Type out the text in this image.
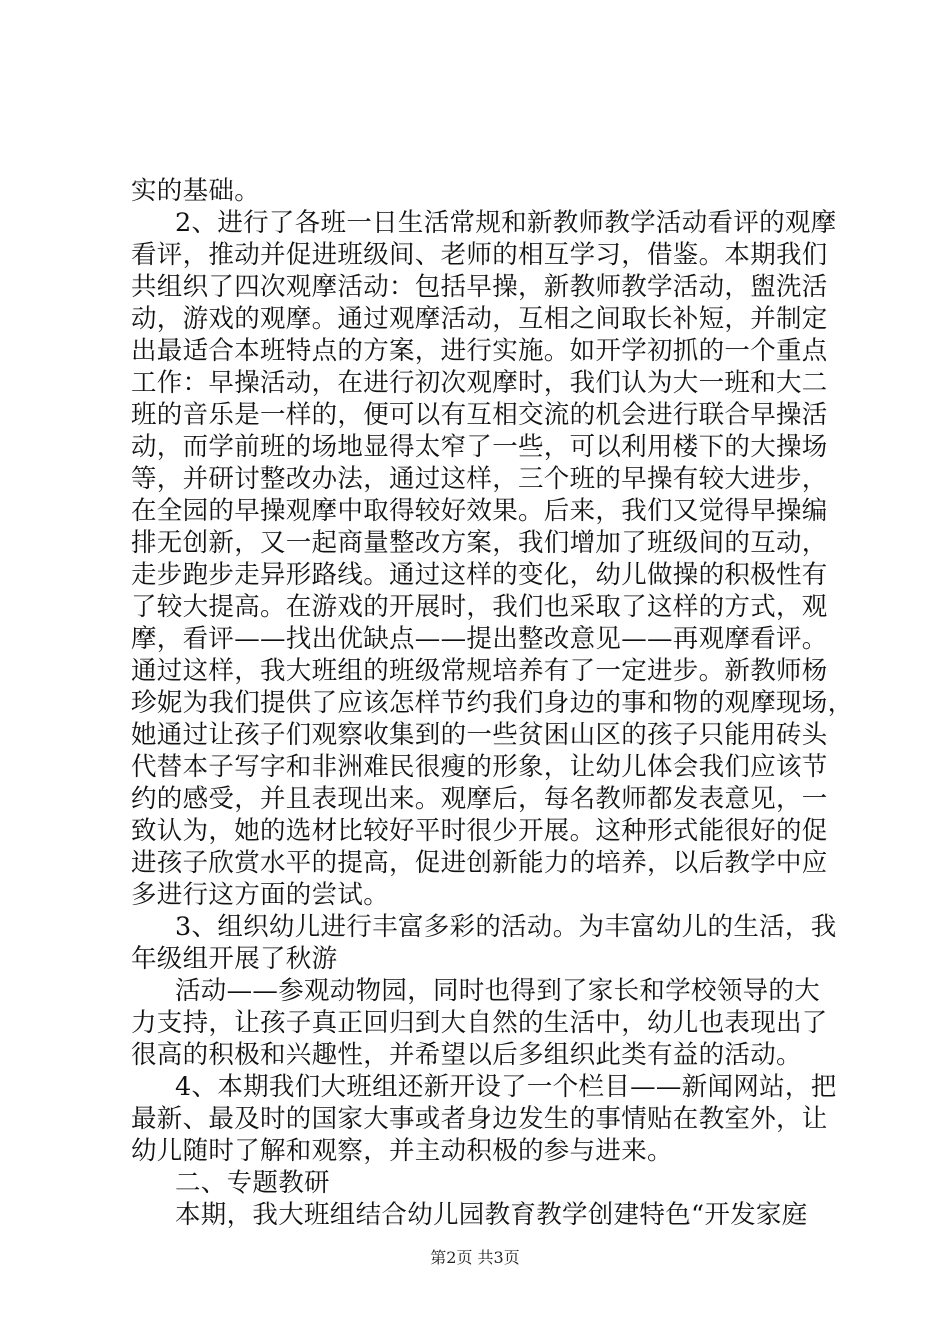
实的基础。
2、进行了各班一日生活常规和新教师教学活动看评的观摩
看评，推动并促进班级间、老师的相互学习，借鉴。本期我们
共组织了四次观摩活动：包括早操，新教师教学活动，盥洗活
动，游戏的观摩。通过观摩活动，互相之间取长补短，并制定
出最适合本班特点的方案，进行实施。如开学初抓的一个重点
工作：早操活动，在进行初次观摩时，我们认为大一班和大二
班的音乐是一样的，便可以有互相交流的机会进行联合早操活
动，而学前班的场地显得太窄了一些，可以利用楼下的大操场
等，并研讨整改办法，通过这样，三个班的早操有较大进步，
在全园的早操观摩中取得较好效果。后来，我们又觉得早操编
排无创新，又一起商量整改方案，我们增加了班级间的互动，
走步跑步走异形路线。通过这样的变化，幼儿做操的积极性有
了较大提高。在游戏的开展时，我们也采取了这样的方式，观
摩，看评——找出优缺点——提出整改意见——再观摩看评。
通过这样，我大班组的班级常规培养有了一定进步。新教师杨
珍妮为我们提供了应该怎样节约我们身边的事和物的观摩现场，
她通过让孩子们观察收集到的一些贫困山区的孩子只能用砖头
代替本子写字和非洲难民很瘦的形象，让幼儿体会我们应该节
约的感受，并且表现出来。观摩后，每名教师都发表意见，一
致认为，她的选材比较好平时很少开展。这种形式能很好的促
进孩子欣赏水平的提高，促进创新能力的培养，以后教学中应
多进行这方面的尝试。
3、组织幼儿进行丰富多彩的活动。为丰富幼儿的生活，我
年级组开展了秋游
活动——参观动物园，同时也得到了家长和学校领导的大
力支持，让孩子真正回归到大自然的生活中，幼儿也表现出了
很高的积极和兴趣性，并希望以后多组织此类有益的活动。
4、本期我们大班组还新开设了一个栏目——新闻网站，把
最新、最及时的国家大事或者身边发生的事情贴在教室外，让
幼儿随时了解和观察，并主动积极的参与进来。
二、专题教研
本期，我大班组结合幼儿园教育教学创建特色“开发家庭
第2页 共3页
